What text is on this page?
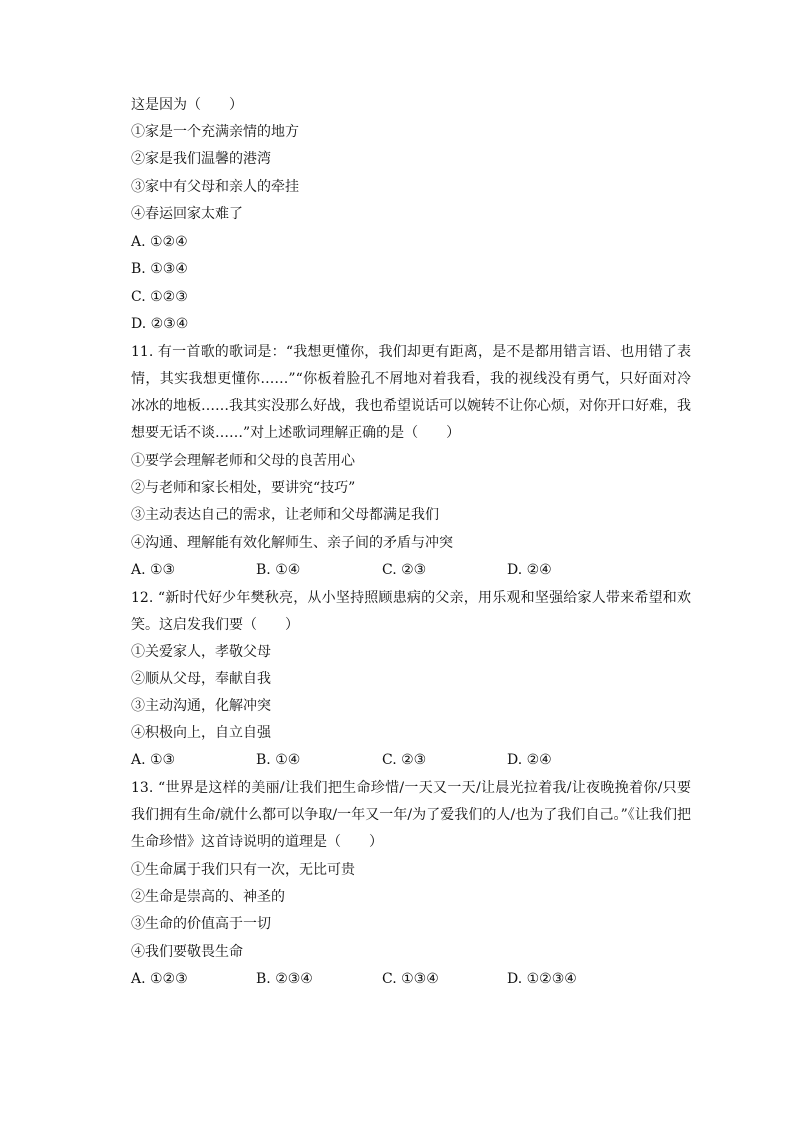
这是因为（　　）
①家是一个充满亲情的地方
②家是我们温馨的港湾
③家中有父母和亲人的牵挂
④春运回家太难了
A. ①②④
B. ①③④
C. ①②③
D. ②③④
11. 有一首歌的歌词是：“我想更懂你，我们却更有距离，是不是都用错言语、也用错了表情，其实我想更懂你……”“你板着脸孔不屑地对着我看，我的视线没有勇气，只好面对冷冰冰的地板……我其实没那么好战，我也希望说话可以婉转不让你心烦，对你开口好难，我想要无话不谈……”对上述歌词理解正确的是（　　）
①要学会理解老师和父母的良苦用心
②与老师和家长相处，要讲究“技巧”
③主动表达自己的需求，让老师和父母都满足我们
④沟通、理解能有效化解师生、亲子间的矛盾与冲突
A. ①③	B. ①④	C. ②③	D. ②④
12. “新时代好少年樊秋亮，从小坚持照顾患病的父亲，用乐观和坚强给家人带来希望和欢笑。这启发我们要（　　）
①关爱家人，孝敬父母
②顺从父母，奉献自我
③主动沟通，化解冲突
④积极向上，自立自强
A. ①③	B. ①④	C. ②③	D. ②④
13. “世界是这样的美丽/让我们把生命珍惜/一天又一天/让晨光拉着我/让夜晚挽着你/只要我们拥有生命/就什么都可以争取/一年又一年/为了爱我们的人/也为了我们自己。”《让我们把生命珍惜》这首诗说明的道理是（　　）
①生命属于我们只有一次，无比可贵
②生命是崇高的、神圣的
③生命的价值高于一切
④我们要敬畏生命
A. ①②③	B. ②③④	C. ①③④	D. ①②③④
